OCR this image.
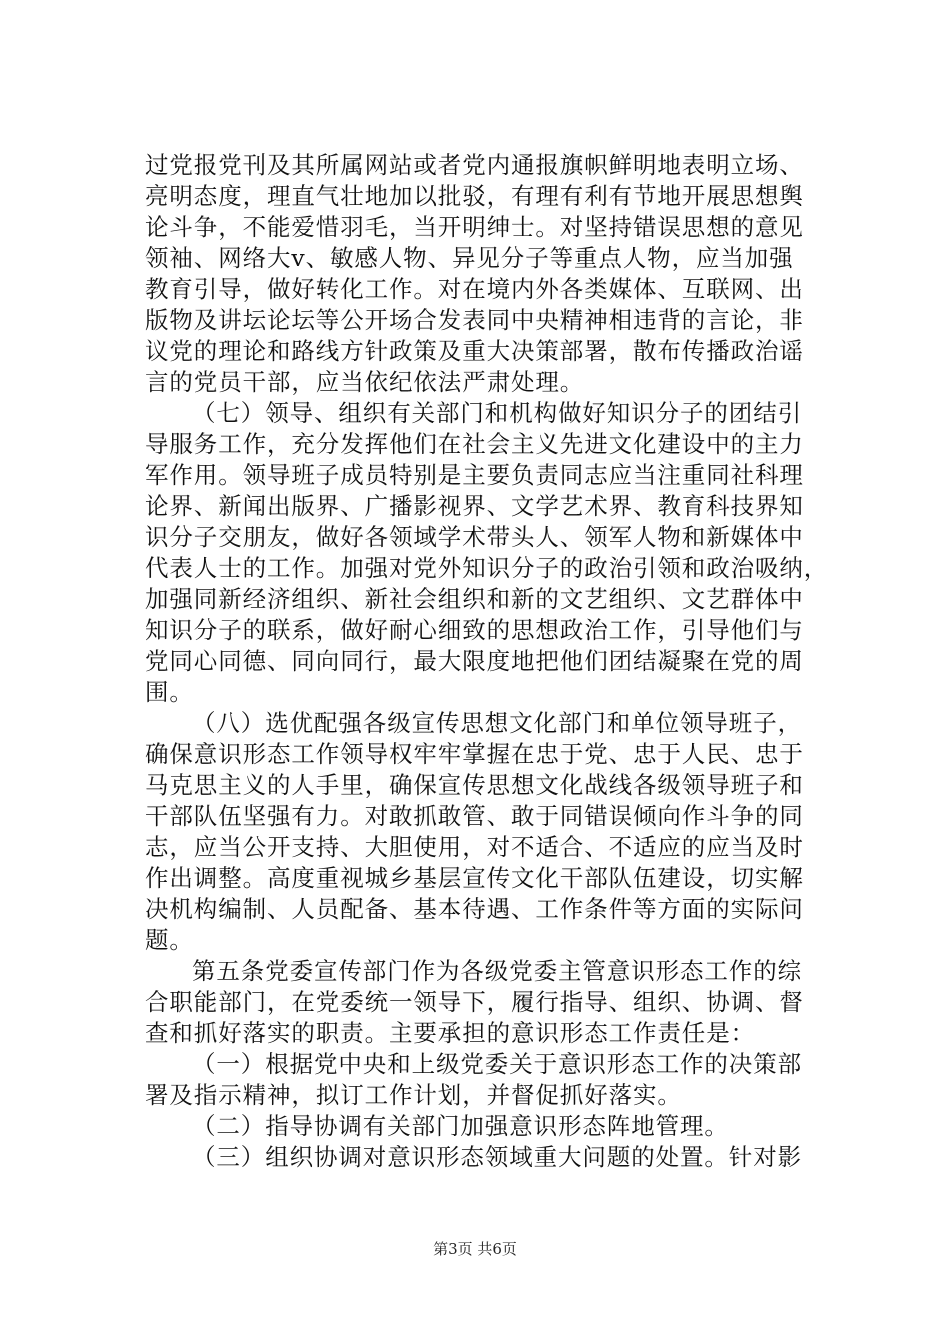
过党报党刊及其所属网站或者党内通报旗帜鲜明地表明立场、
亮明态度，理直气壮地加以批驳，有理有利有节地开展思想舆
论斗争，不能爱惜羽毛，当开明绅士。对坚持错误思想的意见
领袖、网络大v、敏感人物、异见分子等重点人物，应当加强
教育引导，做好转化工作。对在境内外各类媒体、互联网、出
版物及讲坛论坛等公开场合发表同中央精神相违背的言论，非
议党的理论和路线方针政策及重大决策部署，散布传播政治谣
言的党员干部，应当依纪依法严肃处理。
（七）领导、组织有关部门和机构做好知识分子的团结引
导服务工作，充分发挥他们在社会主义先进文化建设中的主力
军作用。领导班子成员特别是主要负责同志应当注重同社科理
论界、新闻出版界、广播影视界、文学艺术界、教育科技界知
识分子交朋友，做好各领域学术带头人、领军人物和新媒体中
代表人士的工作。加强对党外知识分子的政治引领和政治吸纳，
加强同新经济组织、新社会组织和新的文艺组织、文艺群体中
知识分子的联系，做好耐心细致的思想政治工作，引导他们与
党同心同德、同向同行，最大限度地把他们团结凝聚在党的周
围。
（八）选优配强各级宣传思想文化部门和单位领导班子，
确保意识形态工作领导权牢牢掌握在忠于党、忠于人民、忠于
马克思主义的人手里，确保宣传思想文化战线各级领导班子和
干部队伍坚强有力。对敢抓敢管、敢于同错误倾向作斗争的同
志，应当公开支持、大胆使用，对不适合、不适应的应当及时
作出调整。高度重视城乡基层宣传文化干部队伍建设，切实解
决机构编制、人员配备、基本待遇、工作条件等方面的实际问
题。
第五条党委宣传部门作为各级党委主管意识形态工作的综
合职能部门，在党委统一领导下，履行指导、组织、协调、督
查和抓好落实的职责。主要承担的意识形态工作责任是：
（一）根据党中央和上级党委关于意识形态工作的决策部
署及指示精神，拟订工作计划，并督促抓好落实。
（二）指导协调有关部门加强意识形态阵地管理。
（三）组织协调对意识形态领域重大问题的处置。针对影
第3页 共6页
